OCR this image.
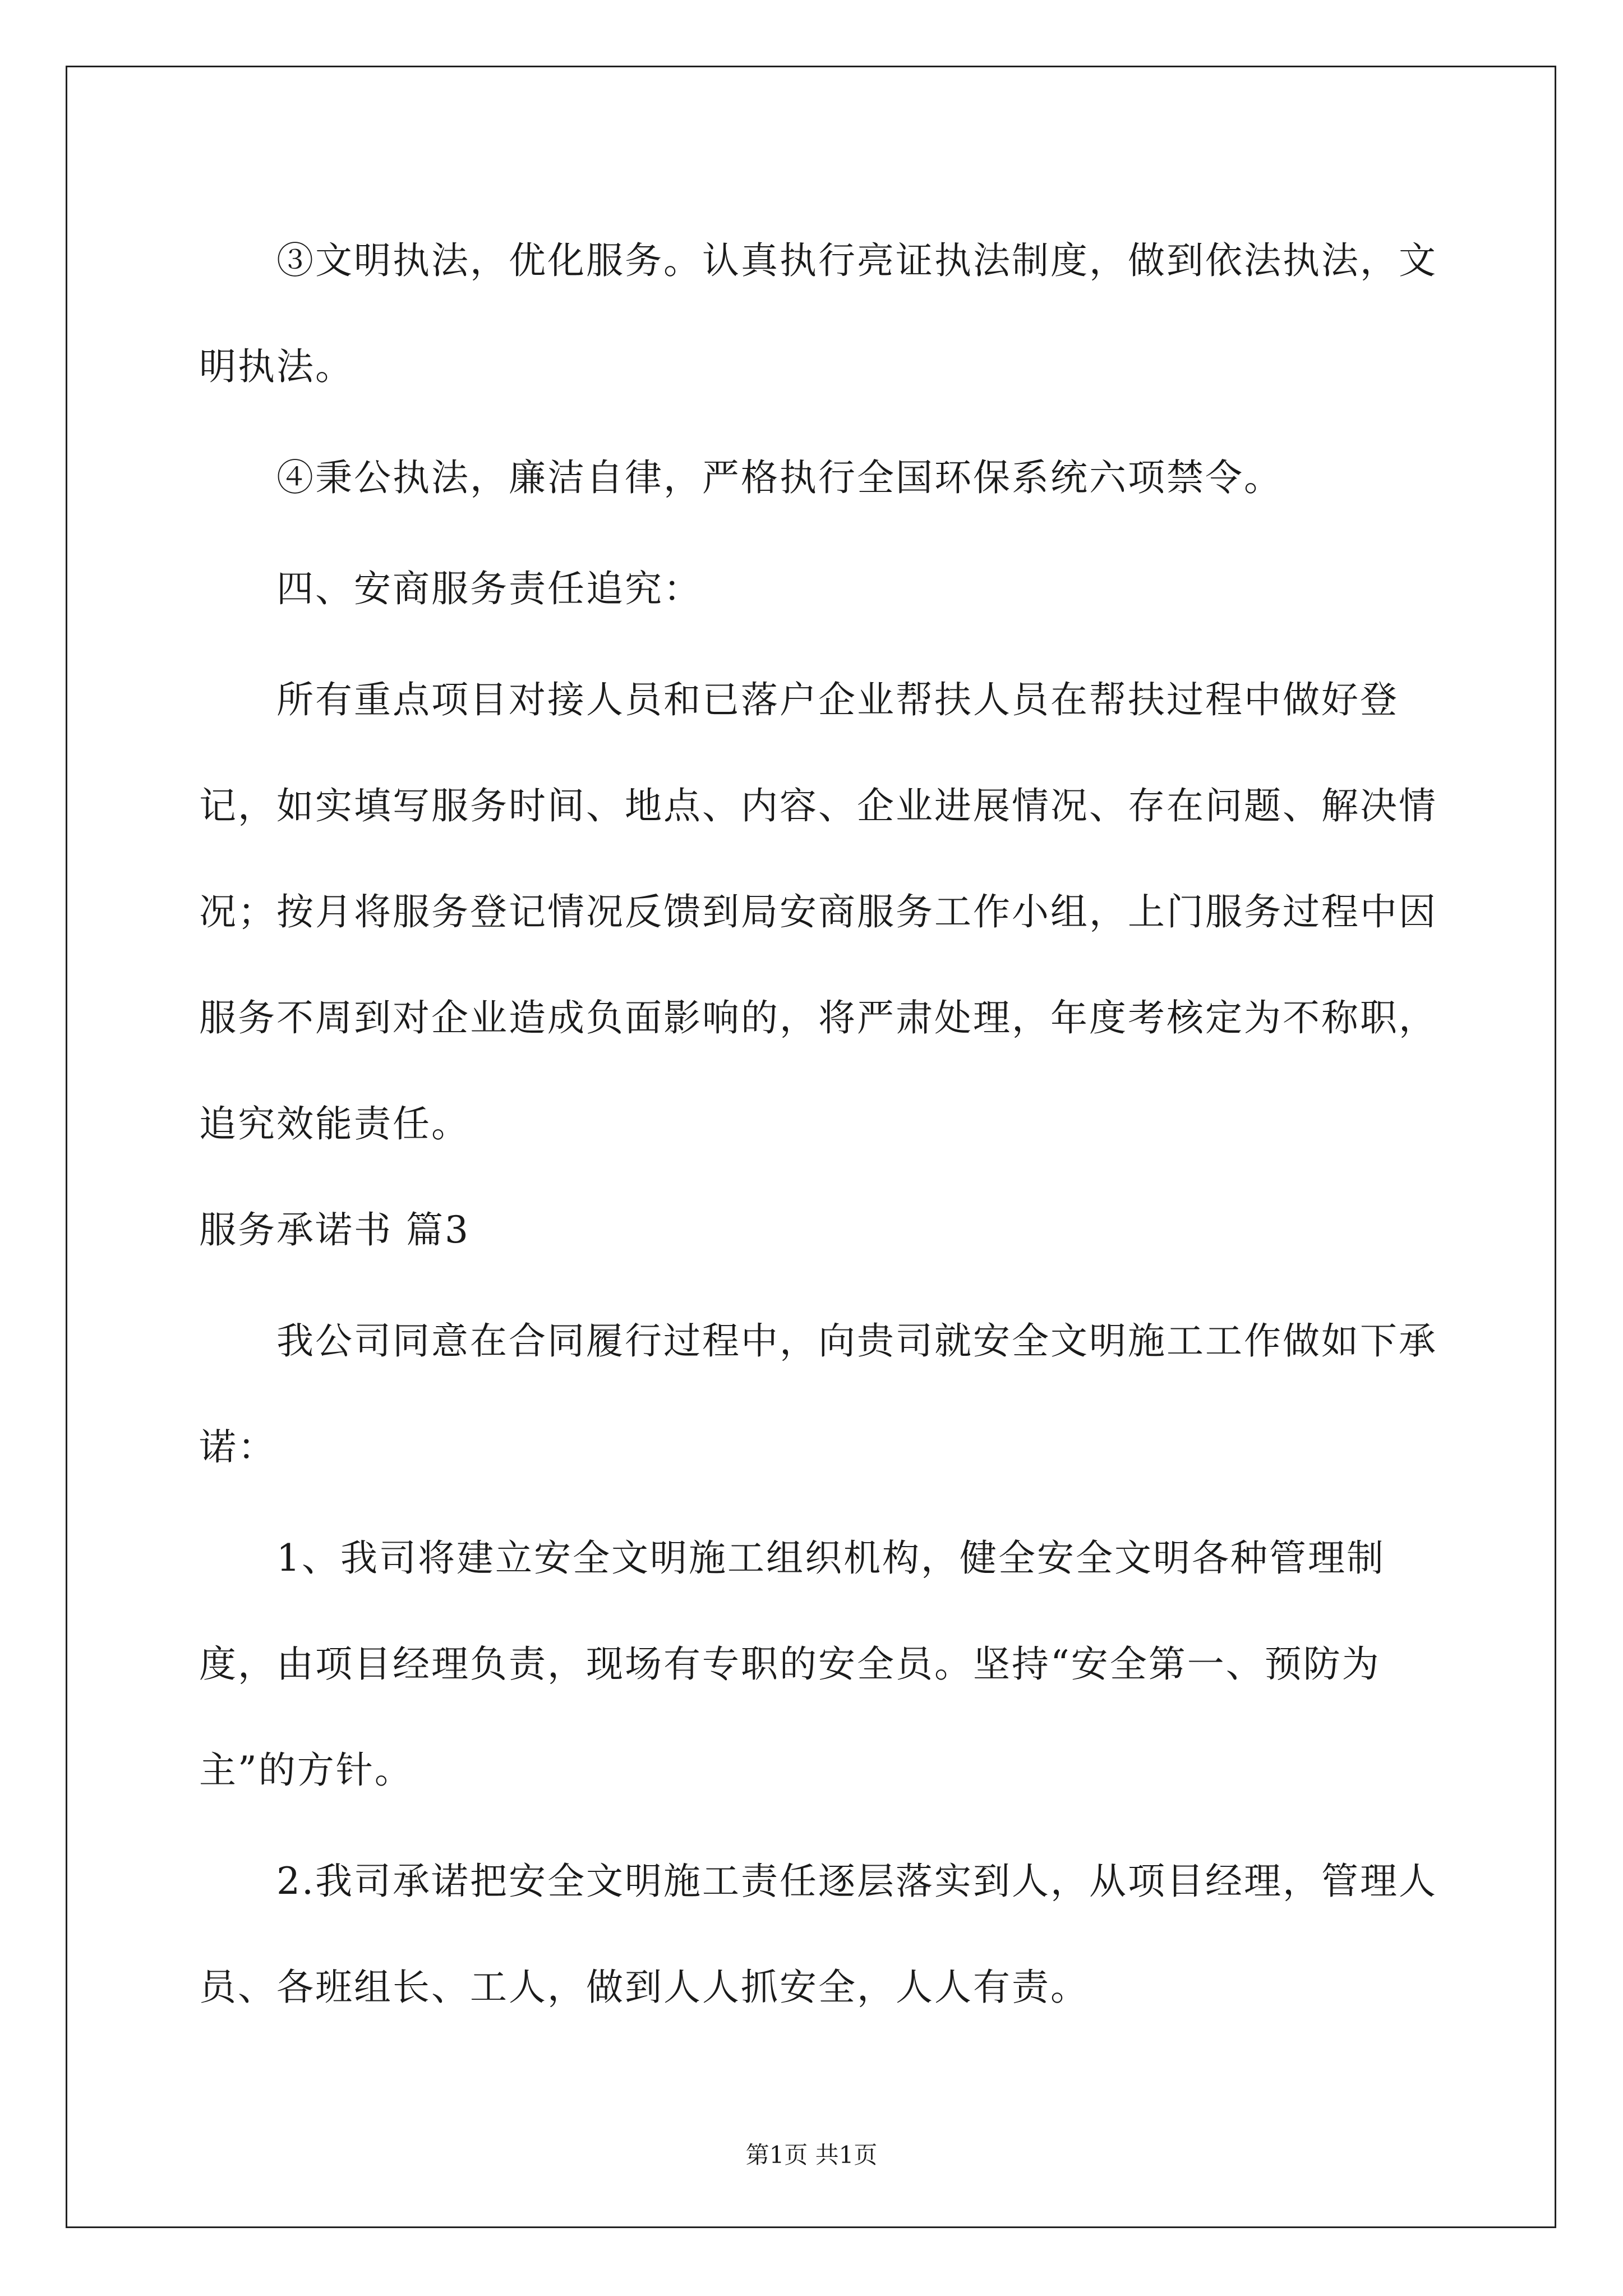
③文明执法，优化服务。认真执行亮证执法制度，做到依法执法，文明执法。

④秉公执法，廉洁自律，严格执行全国环保系统六项禁令。

四、安商服务责任追究：

所有重点项目对接人员和已落户企业帮扶人员在帮扶过程中做好登记，如实填写服务时间、地点、内容、企业进展情况、存在问题、解决情况；按月将服务登记情况反馈到局安商服务工作小组，上门服务过程中因服务不周到对企业造成负面影响的，将严肃处理，年度考核定为不称职，追究效能责任。

服务承诺书 篇3

我公司同意在合同履行过程中，向贵司就安全文明施工工作做如下承诺：

1、我司将建立安全文明施工组织机构，健全安全文明各种管理制度，由项目经理负责，现场有专职的安全员。坚持“安全第一、预防为主”的方针。

2.我司承诺把安全文明施工责任逐层落实到人，从项目经理，管理人员、各班组长、工人，做到人人抓安全，人人有责。

第1页 共1页
